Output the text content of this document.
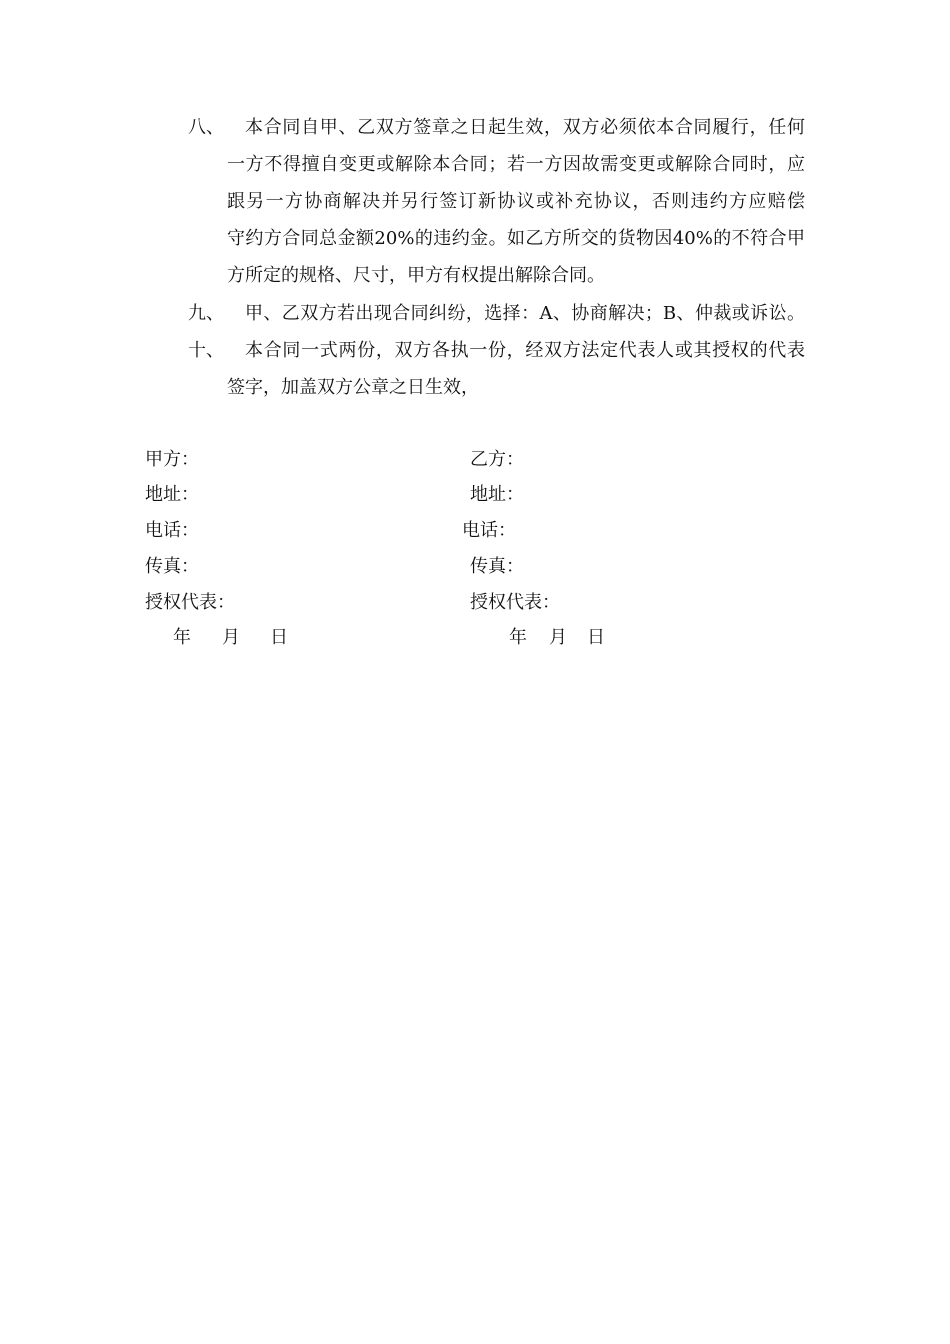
八、 本合同自甲、乙双方签章之日起生效，双方必须依本合同履行，任何
一方不得擅自变更或解除本合同；若一方因故需变更或解除合同时，应
跟另一方协商解决并另行签订新协议或补充协议，否则违约方应赔偿
守约方合同总金额20%的违约金。如乙方所交的货物因40%的不符合甲
方所定的规格、尺寸，甲方有权提出解除合同。
九、 甲、乙双方若出现合同纠纷，选择：A、协商解决；B、仲裁或诉讼。
十、 本合同一式两份，双方各执一份，经双方法定代表人或其授权的代表
签字，加盖双方公章之日生效，
甲方：
地址：
电话：
传真：
授权代表：
年 月 日
乙方：
地址：
电话：
传真：
授权代表：
年 月 日
